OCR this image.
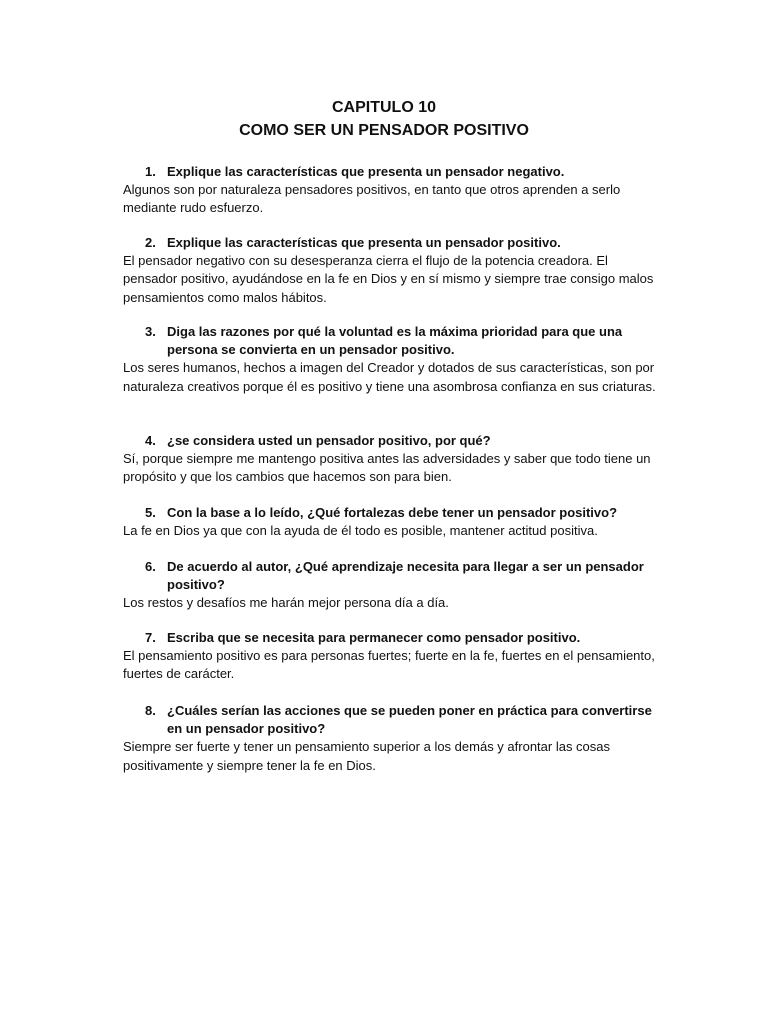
CAPITULO 10
COMO SER UN PENSADOR POSITIVO
1. Explique las características que presenta un pensador negativo.
Algunos son por naturaleza pensadores positivos, en tanto que otros aprenden a serlo mediante rudo esfuerzo.
2. Explique las características que presenta un pensador positivo.
El pensador negativo con su desesperanza cierra el flujo de la potencia creadora. El pensador positivo, ayudándose en la fe en Dios y en sí mismo y siempre trae consigo malos pensamientos como malos hábitos.
3. Diga las razones por qué la voluntad es la máxima prioridad para que una persona se convierta en un pensador positivo.
Los seres humanos, hechos a imagen del Creador y dotados de sus características, son por naturaleza creativos porque él es positivo y tiene una asombrosa confianza en sus criaturas.
4. ¿se considera usted un pensador positivo, por qué?
Sí, porque siempre me mantengo positiva antes las adversidades y saber que todo tiene un propósito y que los cambios que hacemos son para bien.
5. Con la base a lo leído, ¿Qué fortalezas debe tener un pensador positivo?
La fe en Dios ya que con la ayuda de él todo es posible, mantener actitud positiva.
6. De acuerdo al autor, ¿Qué aprendizaje necesita para llegar a ser un pensador positivo?
Los restos y desafíos me harán mejor persona día a día.
7. Escriba que se necesita para permanecer como pensador positivo.
El pensamiento positivo es para personas fuertes; fuerte en la fe, fuertes en el pensamiento, fuertes de carácter.
8. ¿Cuáles serían las acciones que se pueden poner en práctica para convertirse en un pensador positivo?
Siempre ser fuerte y tener un pensamiento superior a los demás y afrontar las cosas positivamente y siempre tener la fe en Dios.
